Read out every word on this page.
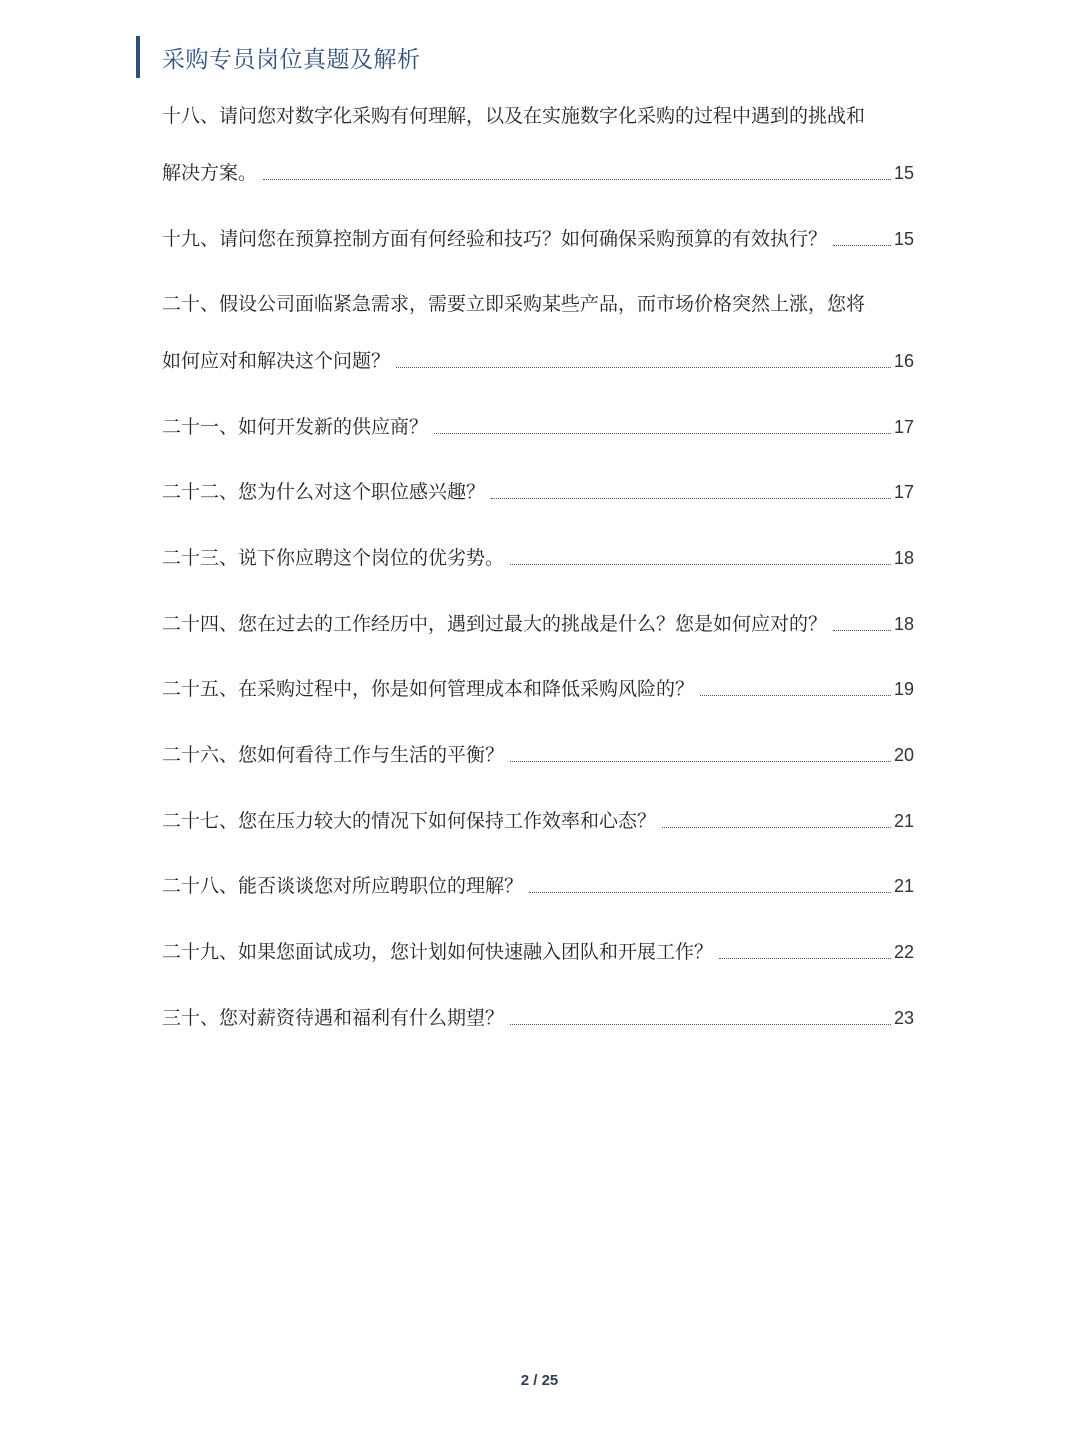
采购专员岗位真题及解析
十八、请问您对数字化采购有何理解，以及在实施数字化采购的过程中遇到的挑战和
解决方案。	15
十九、请问您在预算控制方面有何经验和技巧？如何确保采购预算的有效执行？	15
二十、假设公司面临紧急需求，需要立即采购某些产品，而市场价格突然上涨，您将
如何应对和解决这个问题？	16
二十一、如何开发新的供应商？	17
二十二、您为什么对这个职位感兴趣？	17
二十三、说下你应聘这个岗位的优劣势。	18
二十四、您在过去的工作经历中，遇到过最大的挑战是什么？您是如何应对的？	18
二十五、在采购过程中，你是如何管理成本和降低采购风险的？	19
二十六、您如何看待工作与生活的平衡？	20
二十七、您在压力较大的情况下如何保持工作效率和心态？	21
二十八、能否谈谈您对所应聘职位的理解？	21
二十九、如果您面试成功，您计划如何快速融入团队和开展工作？	22
三十、您对薪资待遇和福利有什么期望？	23
2 / 25
